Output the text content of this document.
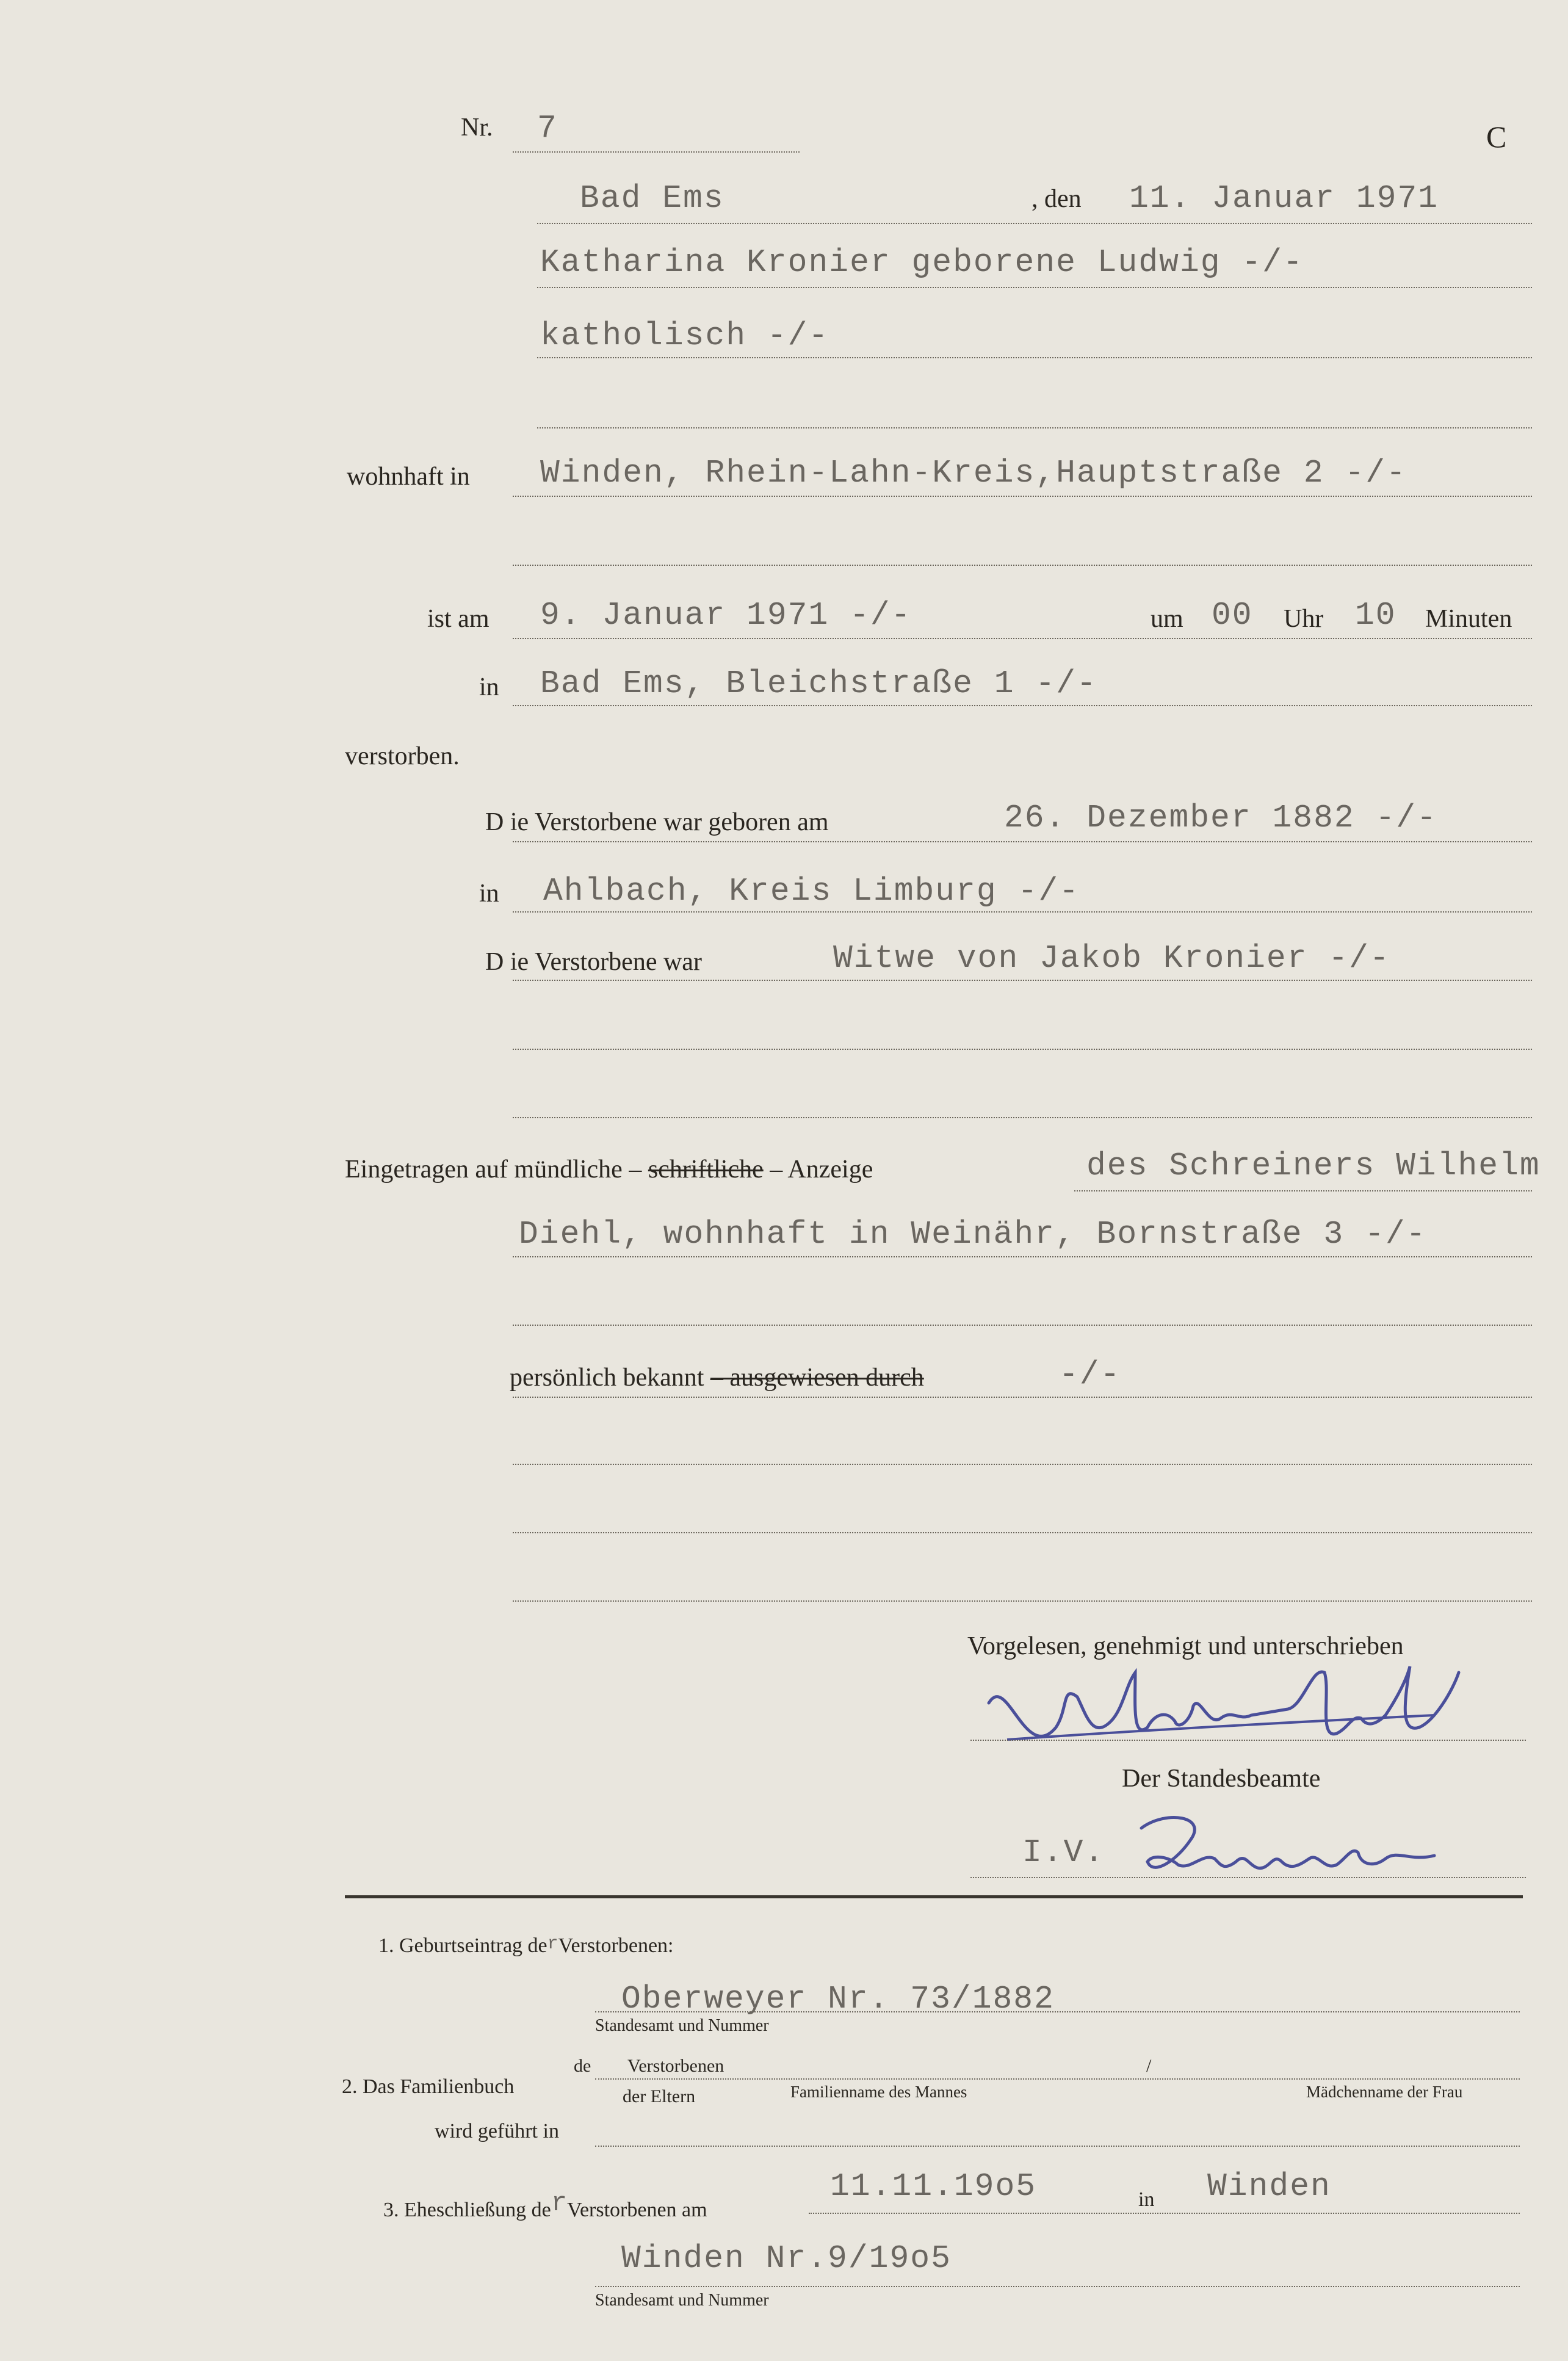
Nr. 7	C
Bad Ems	, den 11. Januar 1971
Katharina Kronier geborene Ludwig -/-
katholisch -/-
wohnhaft in Winden, Rhein-Lahn-Kreis,Hauptstraße 2 -/-
ist am 9. Januar 1971 -/-	um 00 Uhr 10 Minuten
in Bad Ems, Bleichstraße 1 -/-
verstorben.
D ie Verstorbene war geboren am	26. Dezember 1882 -/-
in Ahlbach, Kreis Limburg -/-
D ie Verstorbene war	Witwe von Jakob Kronier -/-
Eingetragen auf mündliche – schriftliche – Anzeige	des Schreiners Wilhelm
Diehl, wohnhaft in Weinähr, Bornstraße 3 -/-
persönlich bekannt – ausgewiesen durch	-/-
Vorgelesen, genehmigt und unterschrieben
Der Standesbeamte
I.V.
1. Geburtseintrag derVerstorbenen:
Oberweyer Nr. 73/1882
Standesamt und Nummer
de Verstorbenen	/
2. Das Familienbuch	der Eltern	Familienname des Mannes	Mädchenname der Frau
wird geführt in
3. Eheschließung derVerstorbenen am
11.11.19o5	in Winden
Winden Nr.9/19o5
Standesamt und Nummer
